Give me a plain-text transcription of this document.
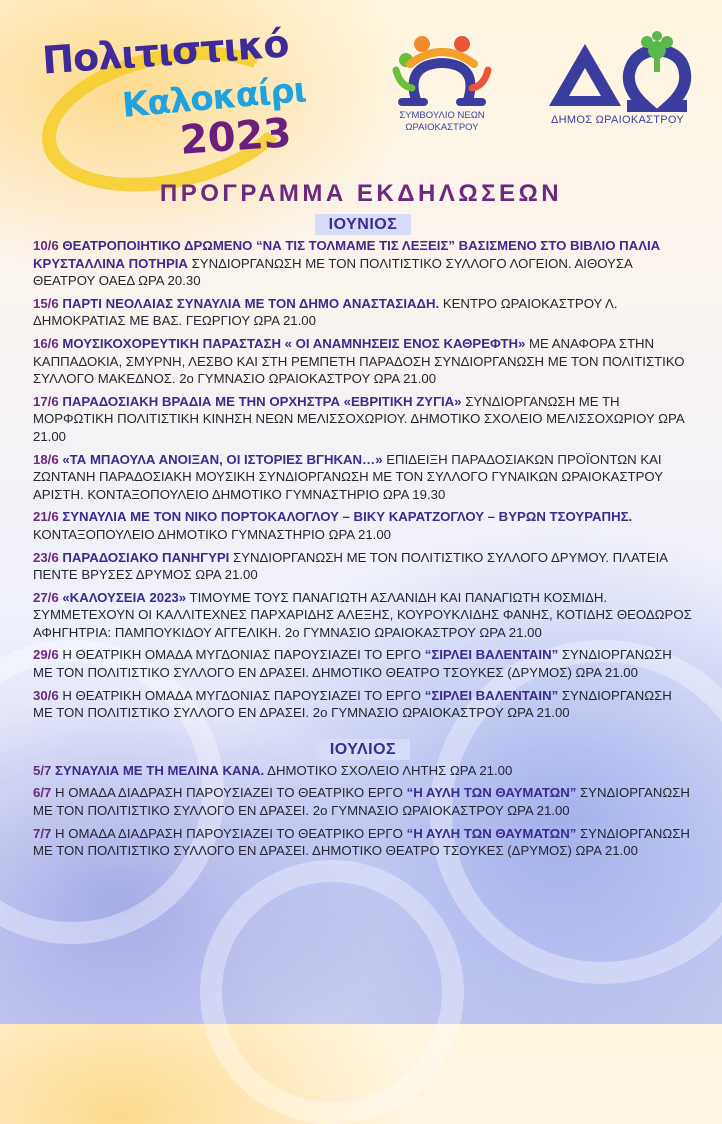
Πολιτιστικό
Καλοκαίρι
2023	ΣΥΜΒΟΥΛΙΟ ΝΕΩΝ
ΩΡΑΙΟΚΑΣΤΡΟΥ
ΔΗΜΟΣ ΩΡΑΙΟΚΑΣΤΡΟΥ
ΠΡΟΓΡΑΜΜΑ ΕΚΔΗΛΩΣΕΩΝ
ΙΟΥΝΙΟΣ
10/6 ΘΕΑΤΡΟΠΟΙΗΤΙΚΟ ΔΡΩΜΕΝΟ “ΝΑ ΤΙΣ ΤΟΛΜΑΜΕ ΤΙΣ ΛΕΞΕΙΣ” ΒΑΣΙΣΜΕΝΟ ΣΤΟ ΒΙΒΛΙΟ ΠΑΛΙΑ ΚΡΥΣΤΑΛΛΙΝΑ ΠΟΤΗΡΙΑ ΣΥΝΔΙΟΡΓΑΝΩΣΗ ΜΕ ΤΟΝ ΠΟΛΙΤΙΣΤΙΚΟ ΣΥΛΛΟΓΟ ΛΟΓΕΙΟΝ. ΑΙΘΟΥΣΑ ΘΕΑΤΡΟΥ ΟΑΕΔ ΩΡΑ 20.30
15/6 ΠΑΡΤΙ ΝΕΟΛΑΙΑΣ ΣΥΝΑΥΛΙΑ ΜΕ ΤΟΝ ΔΗΜΟ ΑΝΑΣΤΑΣΙΑΔΗ. ΚΕΝΤΡΟ ΩΡΑΙΟΚΑΣΤΡΟΥ Λ. ΔΗΜΟΚΡΑΤΙΑΣ ΜΕ ΒΑΣ. ΓΕΩΡΓΙΟΥ ΩΡΑ 21.00
16/6 ΜΟΥΣΙΚΟΧΟΡΕΥΤΙΚΗ ΠΑΡΑΣΤΑΣΗ « ΟΙ ΑΝΑΜΝΗΣΕΙΣ ΕΝΟΣ ΚΑΘΡΕΦΤΗ» ΜΕ ΑΝΑΦΟΡΑ ΣΤΗΝ ΚΑΠΠΑΔΟΚΙΑ, ΣΜΥΡΝΗ, ΛΕΣΒΟ ΚΑΙ ΣΤΗ ΡΕΜΠΕΤΗ ΠΑΡΑΔΟΣΗ ΣΥΝΔΙΟΡΓΑΝΩΣΗ ΜΕ ΤΟΝ ΠΟΛΙΤΙΣΤΙΚΟ ΣΥΛΛΟΓΟ ΜΑΚΕΔΝΟΣ. 2ο ΓΥΜΝΑΣΙΟ ΩΡΑΙΟΚΑΣΤΡΟΥ ΩΡΑ 21.00
17/6 ΠΑΡΑΔΟΣΙΑΚΗ ΒΡΑΔΙΑ ΜΕ ΤΗΝ ΟΡΧΗΣΤΡΑ «ΕΒΡΙΤΙΚΗ ΖΥΓΙΑ» ΣΥΝΔΙΟΡΓΑΝΩΣΗ ΜΕ ΤΗ ΜΟΡΦΩΤΙΚΗ ΠΟΛΙΤΙΣΤΙΚΗ ΚΙΝΗΣΗ ΝΕΩΝ ΜΕΛΙΣΣΟΧΩΡΙΟΥ. ΔΗΜΟΤΙΚΟ ΣΧΟΛΕΙΟ ΜΕΛΙΣΣΟΧΩΡΙΟΥ ΩΡΑ 21.00
18/6 «ΤΑ ΜΠΑΟΥΛΑ ΑΝΟΙΞΑΝ, ΟΙ ΙΣΤΟΡΙΕΣ ΒΓΗΚΑΝ…» ΕΠΙΔΕΙΞΗ ΠΑΡΑΔΟΣΙΑΚΩΝ ΠΡΟΪΟΝΤΩΝ ΚΑΙ ΖΩΝΤΑΝΗ ΠΑΡΑΔΟΣΙΑΚΗ ΜΟΥΣΙΚΗ ΣΥΝΔΙΟΡΓΑΝΩΣΗ ΜΕ ΤΟΝ ΣΥΛΛΟΓΟ ΓΥΝΑΙΚΩΝ ΩΡΑΙΟΚΑΣΤΡΟΥ ΑΡΙΣΤΗ. ΚΟΝΤΑΞΟΠΟΥΛΕΙΟ ΔΗΜΟΤΙΚΟ ΓΥΜΝΑΣΤΗΡΙΟ ΩΡΑ 19.30
21/6 ΣΥΝΑΥΛΙΑ ΜΕ ΤΟΝ ΝΙΚΟ ΠΟΡΤΟΚΑΛΟΓΛΟΥ – ΒΙΚΥ ΚΑΡΑΤΖΟΓΛΟΥ – ΒΥΡΩΝ ΤΣΟΥΡΑΠΗΣ. ΚΟΝΤΑΞΟΠΟΥΛΕΙΟ ΔΗΜΟΤΙΚΟ ΓΥΜΝΑΣΤΗΡΙΟ ΩΡΑ 21.00
23/6 ΠΑΡΑΔΟΣΙΑΚΟ ΠΑΝΗΓΥΡΙ ΣΥΝΔΙΟΡΓΑΝΩΣΗ ΜΕ ΤΟΝ ΠΟΛΙΤΙΣΤΙΚΟ ΣΥΛΛΟΓΟ ΔΡΥΜΟΥ. ΠΛΑΤΕΙΑ ΠΕΝΤΕ ΒΡΥΣΕΣ ΔΡΥΜΟΣ ΩΡΑ 21.00
27/6 «ΚΑΛΟΥΣΕΙΑ 2023» ΤΙΜΟΥΜΕ ΤΟΥΣ ΠΑΝΑΓΙΩΤΗ ΑΣΛΑΝΙΔΗ ΚΑΙ ΠΑΝΑΓΙΩΤΗ ΚΟΣΜΙΔΗ. ΣΥΜΜΕΤΕΧΟΥΝ ΟΙ ΚΑΛΛΙΤΕΧΝΕΣ ΠΑΡΧΑΡΙΔΗΣ ΑΛΕΞΗΣ, ΚΟΥΡΟΥΚΛΙΔΗΣ ΦΑΝΗΣ, ΚΟΤΙΔΗΣ ΘΕΟΔΩΡΟΣ ΑΦΗΓΗΤΡΙΑ: ΠΑΜΠΟΥΚΙΔΟΥ ΑΓΓΕΛΙΚΗ. 2ο ΓΥΜΝΑΣΙΟ ΩΡΑΙΟΚΑΣΤΡΟΥ ΩΡΑ 21.00
29/6 Η ΘΕΑΤΡΙΚΗ ΟΜΑΔΑ ΜΥΓΔΟΝΙΑΣ ΠΑΡΟΥΣΙΑΖΕΙ ΤΟ ΕΡΓΟ “ΣΙΡΛΕΙ ΒΑΛΕΝΤΑΙΝ” ΣΥΝΔΙΟΡΓΑΝΩΣΗ ΜΕ ΤΟΝ ΠΟΛΙΤΙΣΤΙΚΟ ΣΥΛΛΟΓΟ ΕΝ ΔΡΑΣΕΙ. ΔΗΜΟΤΙΚΟ ΘΕΑΤΡΟ ΤΣΟΥΚΕΣ (ΔΡΥΜΟΣ) ΩΡΑ 21.00
30/6 Η ΘΕΑΤΡΙΚΗ ΟΜΑΔΑ ΜΥΓΔΟΝΙΑΣ ΠΑΡΟΥΣΙΑΖΕΙ ΤΟ ΕΡΓΟ “ΣΙΡΛΕΙ ΒΑΛΕΝΤΑΙΝ” ΣΥΝΔΙΟΡΓΑΝΩΣΗ ΜΕ ΤΟΝ ΠΟΛΙΤΙΣΤΙΚΟ ΣΥΛΛΟΓΟ ΕΝ ΔΡΑΣΕΙ. 2ο ΓΥΜΝΑΣΙΟ ΩΡΑΙΟΚΑΣΤΡΟΥ ΩΡΑ 21.00
ΙΟΥΛΙΟΣ
5/7 ΣΥΝΑΥΛΙΑ ΜΕ ΤΗ ΜΕΛΙΝΑ ΚΑΝΑ. ΔΗΜΟΤΙΚΟ ΣΧΟΛΕΙΟ ΛΗΤΗΣ ΩΡΑ 21.00
6/7 Η ΟΜΑΔΑ ΔΙΑΔΡΑΣΗ ΠΑΡΟΥΣΙΑΖΕΙ ΤΟ ΘΕΑΤΡΙΚΟ ΕΡΓΟ “Η ΑΥΛΗ ΤΩΝ ΘΑΥΜΑΤΩΝ” ΣΥΝΔΙΟΡΓΑΝΩΣΗ ΜΕ ΤΟΝ ΠΟΛΙΤΙΣΤΙΚΟ ΣΥΛΛΟΓΟ ΕΝ ΔΡΑΣΕΙ. 2ο ΓΥΜΝΑΣΙΟ ΩΡΑΙΟΚΑΣΤΡΟΥ ΩΡΑ 21.00
7/7 Η ΟΜΑΔΑ ΔΙΑΔΡΑΣΗ ΠΑΡΟΥΣΙΑΖΕΙ ΤΟ ΘΕΑΤΡΙΚΟ ΕΡΓΟ “Η ΑΥΛΗ ΤΩΝ ΘΑΥΜΑΤΩΝ” ΣΥΝΔΙΟΡΓΑΝΩΣΗ ΜΕ ΤΟΝ ΠΟΛΙΤΙΣΤΙΚΟ ΣΥΛΛΟΓΟ ΕΝ ΔΡΑΣΕΙ. ΔΗΜΟΤΙΚΟ ΘΕΑΤΡΟ ΤΣΟΥΚΕΣ (ΔΡΥΜΟΣ) ΩΡΑ 21.00
